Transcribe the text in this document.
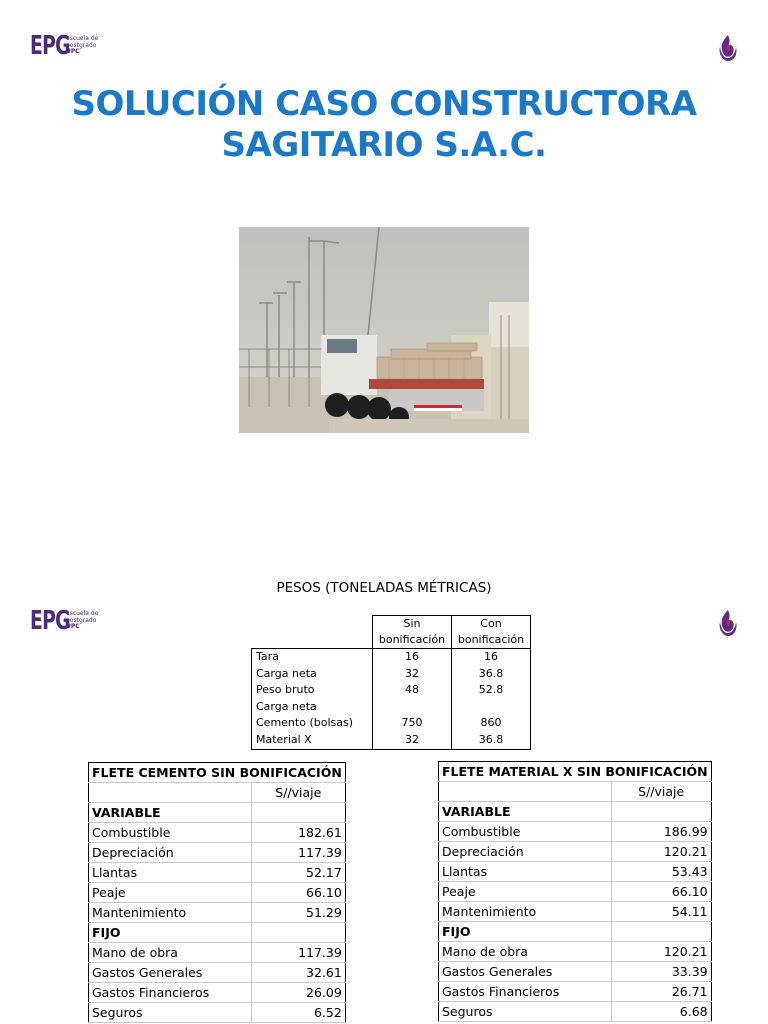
EPG
escuela de
postgrado
UPC
SOLUCIÓN CASO CONSTRUCTORA
SAGITARIO S.A.C.
EPG
escuela de
postgrado
UPC
PESOS (TONELADAS MÉTRICAS)
	Sin	Con
	bonificación	bonificación
Tara	16	16
Carga neta	32	36.8
Peso bruto	48	52.8
Carga neta		
Cemento (bolsas)	750	860
Material X	32	36.8
FLETE CEMENTO SIN BONIFICACIÓN	
	S//viaje
VARIABLE	
Combustible	182.61
Depreciación	117.39
Llantas	52.17
Peaje	66.10
Mantenimiento	51.29
FIJO	
Mano de obra	117.39
Gastos Generales	32.61
Gastos Financieros	26.09
Seguros	6.52
FLETE MATERIAL X SIN BONIFICACIÓN	
	S//viaje
VARIABLE	
Combustible	186.99
Depreciación	120.21
Llantas	53.43
Peaje	66.10
Mantenimiento	54.11
FIJO	
Mano de obra	120.21
Gastos Generales	33.39
Gastos Financieros	26.71
Seguros	6.68
